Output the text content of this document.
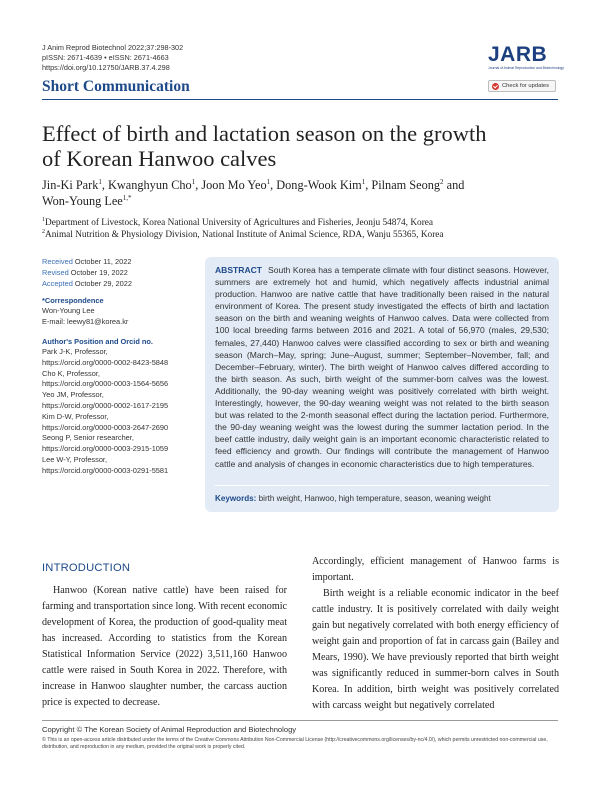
J Anim Reprod Biotechnol 2022;37:298-302
pISSN: 2671-4639 • eISSN: 2671-4663
https://doi.org/10.12750/JARB.37.4.298
JARB
Journal of Animal Reproduction and Biotechnology
Check for updates
Short Communication
Effect of birth and lactation season on the growth
of Korean Hanwoo calves
Jin-Ki Park$^1$, Kwanghyun Cho$^1$, Joon Mo Yeo$^1$, Dong-Wook Kim$^1$, Pilnam Seong$^2$ and
Won-Young Lee$^{1,*}$
$^1$Department of Livestock, Korea National University of Agricultures and Fisheries, Jeonju 54874, Korea
$^2$Animal Nutrition & Physiology Division, National Institute of Animal Science, RDA, Wanju 55365, Korea
Received October 11, 2022
Revised October 19, 2022
Accepted October 29, 2022
*Correspondence
Won-Young Lee
E-mail: leewy81@korea.kr
Author's Position and Orcid no.
Park J-K, Professor,
https://orcid.org/0000-0002-8423-5848
Cho K, Professor,
https://orcid.org/0000-0003-1564-5656
Yeo JM, Professor,
https://orcid.org/0000-0002-1617-2195
Kim D-W, Professor,
https://orcid.org/0000-0003-2647-2690
Seong P, Senior researcher,
https://orcid.org/0000-0003-2915-1059
Lee W-Y, Professor,
https://orcid.org/0000-0003-0291-5581

ABSTRACT South Korea has a temperate climate with four distinct seasons. However, summers are extremely hot and humid, which negatively affects industrial animal production. Hanwoo are native cattle that have traditionally been raised in the natural environment of Korea. The present study investigated the effects of birth and lactation season on the birth and weaning weights of Hanwoo calves. Data were collected from 100 local breeding farms between 2016 and 2021. A total of 56,970 (males, 29,530; females, 27,440) Hanwoo calves were classified according to sex or birth and weaning season (March–May, spring; June–August, summer; September–November, fall; and December–February, winter). The birth weight of Hanwoo calves differed according to the birth season. As such, birth weight of the summer-born calves was the lowest. Additionally, the 90-day weaning weight was positively correlated with birth weight. Interestingly, however, the 90-day weaning weight was not related to the birth season but was related to the 2-month seasonal effect during the lactation period. Furthermore, the 90-day weaning weight was the lowest during the summer lactation period. In the beef cattle industry, daily weight gain is an important economic characteristic related to feed efficiency and growth. Our findings will contribute the management of Hanwoo cattle and analysis of changes in economic characteristics due to high temperatures.

Keywords: birth weight, Hanwoo, high temperature, season, weaning weight
INTRODUCTION

Hanwoo (Korean native cattle) have been raised for farming and transportation since long. With recent economic development of Korea, the production of good-quality meat has increased. According to statistics from the Korean Statistical Information Service (2022) 3,511,160 Hanwoo cattle were raised in South Korea in 2022. Therefore, with increase in Hanwoo slaughter number, the carcass auction price is expected to decrease.

Accordingly, efficient management of Hanwoo farms is important.

Birth weight is a reliable economic indicator in the beef cattle industry. It is positively correlated with daily weight gain but negatively correlated with both energy efficiency of weight gain and proportion of fat in carcass gain (Bailey and Mears, 1990). We have previously reported that birth weight was significantly reduced in summer-born calves in South Korea. In addition, birth weight was positively correlated with carcass weight but negatively correlated

Copyright © The Korean Society of Animal Reproduction and Biotechnology
© This is an open-access article distributed under the terms of the Creative Commons Attribution Non-Commercial License (http://creativecommons.org/licenses/by-nc/4.0/), which permits unrestricted non-commercial use, distribution, and reproduction in any medium, provided the original work is properly cited.
